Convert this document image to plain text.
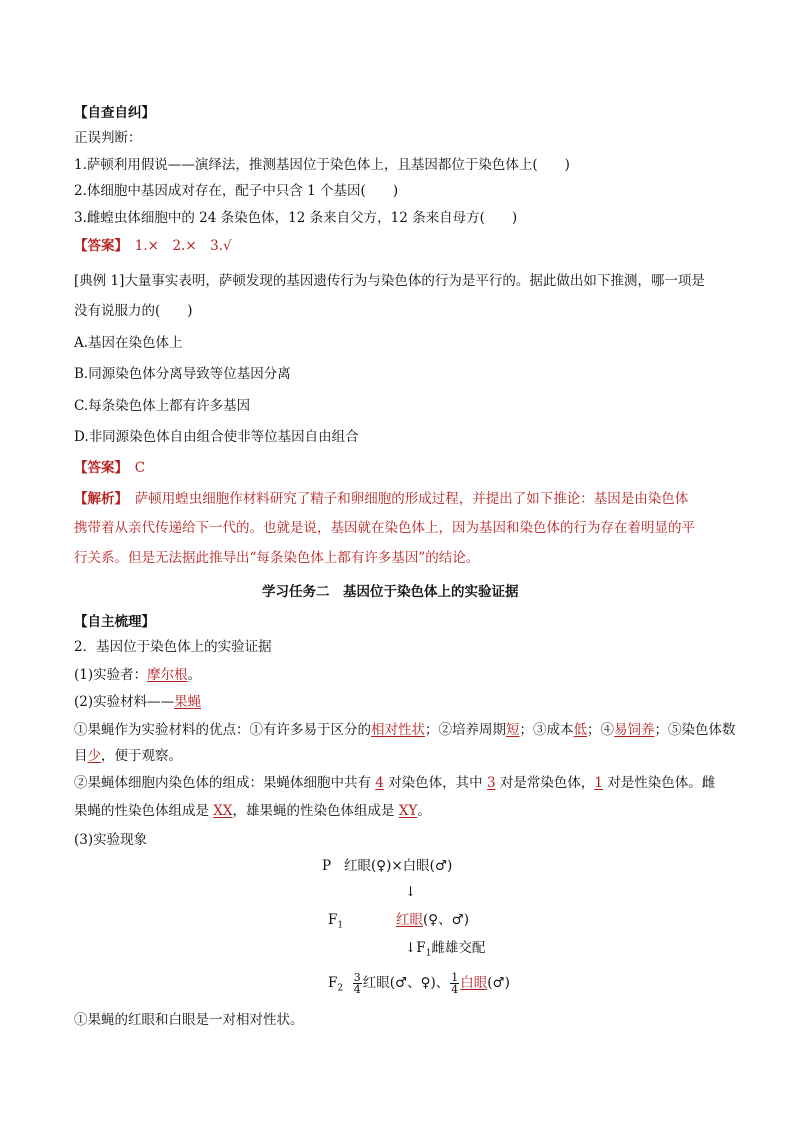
【自查自纠】
正误判断：
1.萨顿利用假说——演绎法，推测基因位于染色体上，且基因都位于染色体上(　　)
2.体细胞中基因成对存在，配子中只含 1 个基因(　　)
3.雌蝗虫体细胞中的 24 条染色体，12 条来自父方，12 条来自母方(　　)
【答案】　1.×　2.×　3.√
[典例 1]大量事实表明，萨顿发现的基因遗传行为与染色体的行为是平行的。据此做出如下推测，哪一项是
没有说服力的(　　)
A.基因在染色体上
B.同源染色体分离导致等位基因分离
C.每条染色体上都有许多基因
D.非同源染色体自由组合使非等位基因自由组合
【答案】　C
【解析】　萨顿用蝗虫细胞作材料研究了精子和卵细胞的形成过程，并提出了如下推论：基因是由染色体
携带着从亲代传递给下一代的。也就是说，基因就在染色体上，因为基因和染色体的行为存在着明显的平
行关系。但是无法据此推导出“每条染色体上都有许多基因”的结论。
学习任务二　基因位于染色体上的实验证据
【自主梳理】
2．基因位于染色体上的实验证据
(1)实验者：摩尔根。
(2)实验材料——果蝇
①果蝇作为实验材料的优点：①有许多易于区分的相对性状；②培养周期短；③成本低；④易饲养；⑤染色体数
目少，便于观察。
②果蝇体细胞内染色体的组成：果蝇体细胞中共有 4 对染色体，其中 3 对是常染色体，1 对是性染色体。雌
果蝇的性染色体组成是 XX，雄果蝇的性染色体组成是 XY。
(3)实验现象
P 红眼(♀)×白眼(♂)
↓
$F_1$	红眼(♀、♂)
$↓F_1$雌雄交配
$F_2 \frac{3}{4}$ 红眼(♂、♀)、 $\frac{1}{4}$ 白眼(♂)
①果蝇的红眼和白眼是一对相对性状。
